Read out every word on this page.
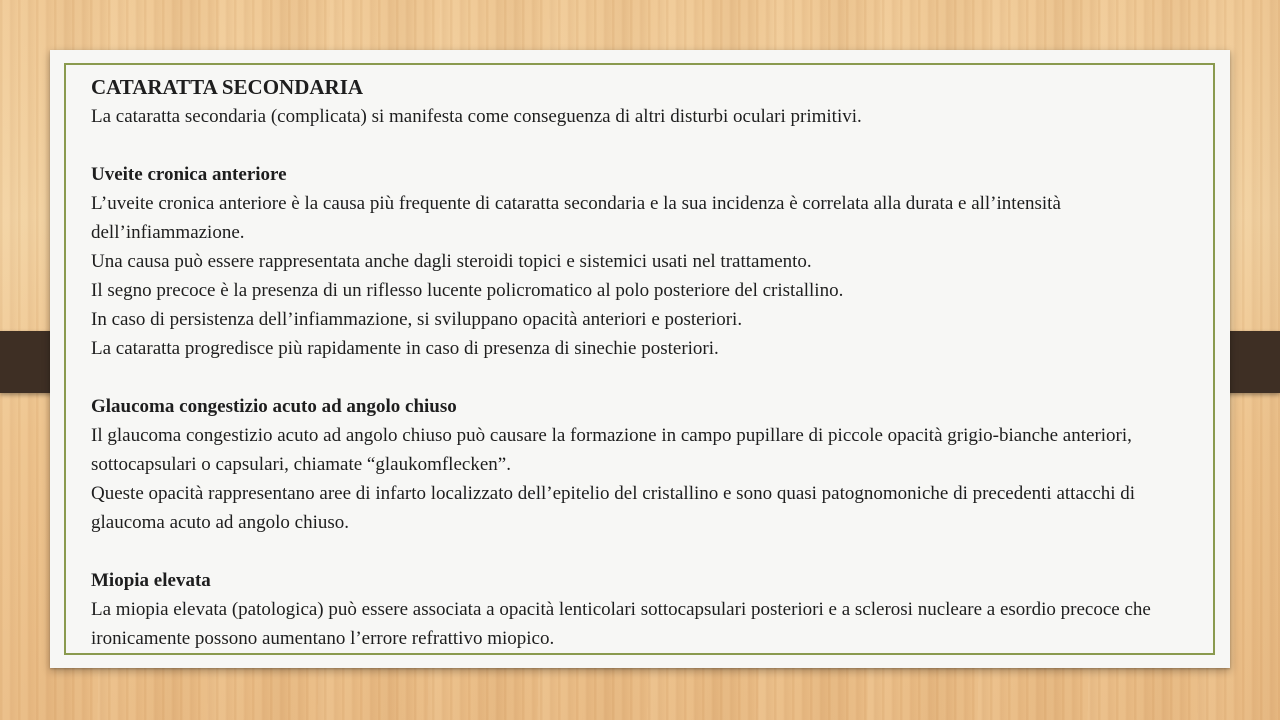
CATARATTA SECONDARIA

La cataratta secondaria (complicata) si manifesta come conseguenza di altri disturbi oculari primitivi.

Uveite cronica anteriore

L’uveite cronica anteriore è la causa più frequente di cataratta secondaria e la sua incidenza è correlata alla durata e all’intensità dell’infiammazione.

Una causa può essere rappresentata anche dagli steroidi topici e sistemici usati nel trattamento.

Il segno precoce è la presenza di un riflesso lucente policromatico al polo posteriore del cristallino.

In caso di persistenza dell’infiammazione, si sviluppano opacità anteriori e posteriori.

La cataratta progredisce più rapidamente in caso di presenza di sinechie posteriori.

Glaucoma congestizio acuto ad angolo chiuso

Il glaucoma congestizio acuto ad angolo chiuso può causare la formazione in campo pupillare di piccole opacità grigio-bianche anteriori, sottocapsulari o capsulari, chiamate “glaukomflecken”.

Queste opacità rappresentano aree di infarto localizzato dell’epitelio del cristallino e sono quasi patognomoniche di precedenti attacchi di glaucoma acuto ad angolo chiuso.

Miopia elevata

La miopia elevata (patologica) può essere associata a opacità lenticolari sottocapsulari posteriori e a sclerosi nucleare a esordio precoce che ironicamente possono aumentano l’errore refrattivo miopico.
